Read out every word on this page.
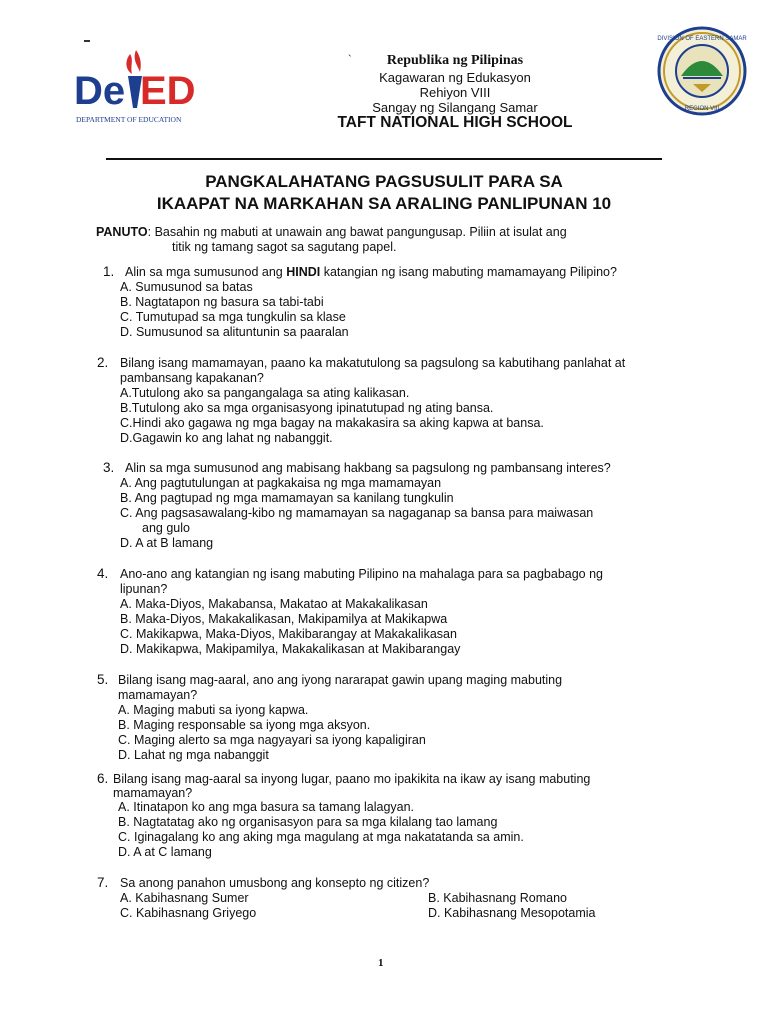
De ED
DEPARTMENT OF EDUCATION
DIVISION OF EASTERN SAMAR
REGION VIII
`	Republika ng Pilipinas
Kagawaran ng Edukasyon
Rehiyon VIII
Sangay ng Silangang Samar
TAFT NATIONAL HIGH SCHOOL
PANGKALAHATANG PAGSUSULIT PARA SA
IKAAPAT NA MARKAHAN SA ARALING PANLIPUNAN 10
PANUTO: Basahin ng mabuti at unawain ang bawat pangungusap. Piliin at isulat ang
titik ng tamang sagot sa sagutang papel.
1. Alin sa mga sumusunod ang HINDI katangian ng isang mabuting mamamayang Pilipino?
A. Sumusunod sa batas
B. Nagtatapon ng basura sa tabi-tabi
C. Tumutupad sa mga tungkulin sa klase
D. Sumusunod sa alituntunin sa paaralan
2. Bilang isang mamamayan, paano ka makatutulong sa pagsulong sa kabutihang panlahat at
pambansang kapakanan?
A.Tutulong ako sa pangangalaga sa ating kalikasan.
B.Tutulong ako sa mga organisasyong ipinatutupad ng ating bansa.
C.Hindi ako gagawa ng mga bagay na makakasira sa aking kapwa at bansa.
D.Gagawin ko ang lahat ng nabanggit.
3. Alin sa mga sumusunod ang mabisang hakbang sa pagsulong ng pambansang interes?
A. Ang pagtutulungan at pagkakaisa ng mga mamamayan
B. Ang pagtupad ng mga mamamayan sa kanilang tungkulin
C. Ang pagsasawalang-kibo ng mamamayan sa nagaganap sa bansa para maiwasan
ang gulo
D. A at B lamang
4. Ano-ano ang katangian ng isang mabuting Pilipino na mahalaga para sa pagbabago ng
lipunan?
A. Maka-Diyos, Makabansa, Makatao at Makakalikasan
B. Maka-Diyos, Makakalikasan, Makipamilya at Makikapwa
C. Makikapwa, Maka-Diyos, Makibarangay at Makakalikasan
D. Makikapwa, Makipamilya, Makakalikasan at Makibarangay
5. Bilang isang mag-aaral, ano ang iyong nararapat gawin upang maging mabuting
mamamayan?
A. Maging mabuti sa iyong kapwa.
B. Maging responsable sa iyong mga aksyon.
C. Maging alerto sa mga nagyayari sa iyong kapaligiran
D. Lahat ng mga nabanggit
6. Bilang isang mag-aaral sa inyong lugar, paano mo ipakikita na ikaw ay isang mabuting
mamamayan?
A. Itinatapon ko ang mga basura sa tamang lalagyan.
B. Nagtatatag ako ng organisasyon para sa mga kilalang tao lamang
C. Iginagalang ko ang aking mga magulang at mga nakatatanda sa amin.
D. A at C lamang
7. Sa anong panahon umusbong ang konsepto ng citizen?
A. Kabihasnang Sumer	B. Kabihasnang Romano
C. Kabihasnang Griyego	D. Kabihasnang Mesopotamia
1
